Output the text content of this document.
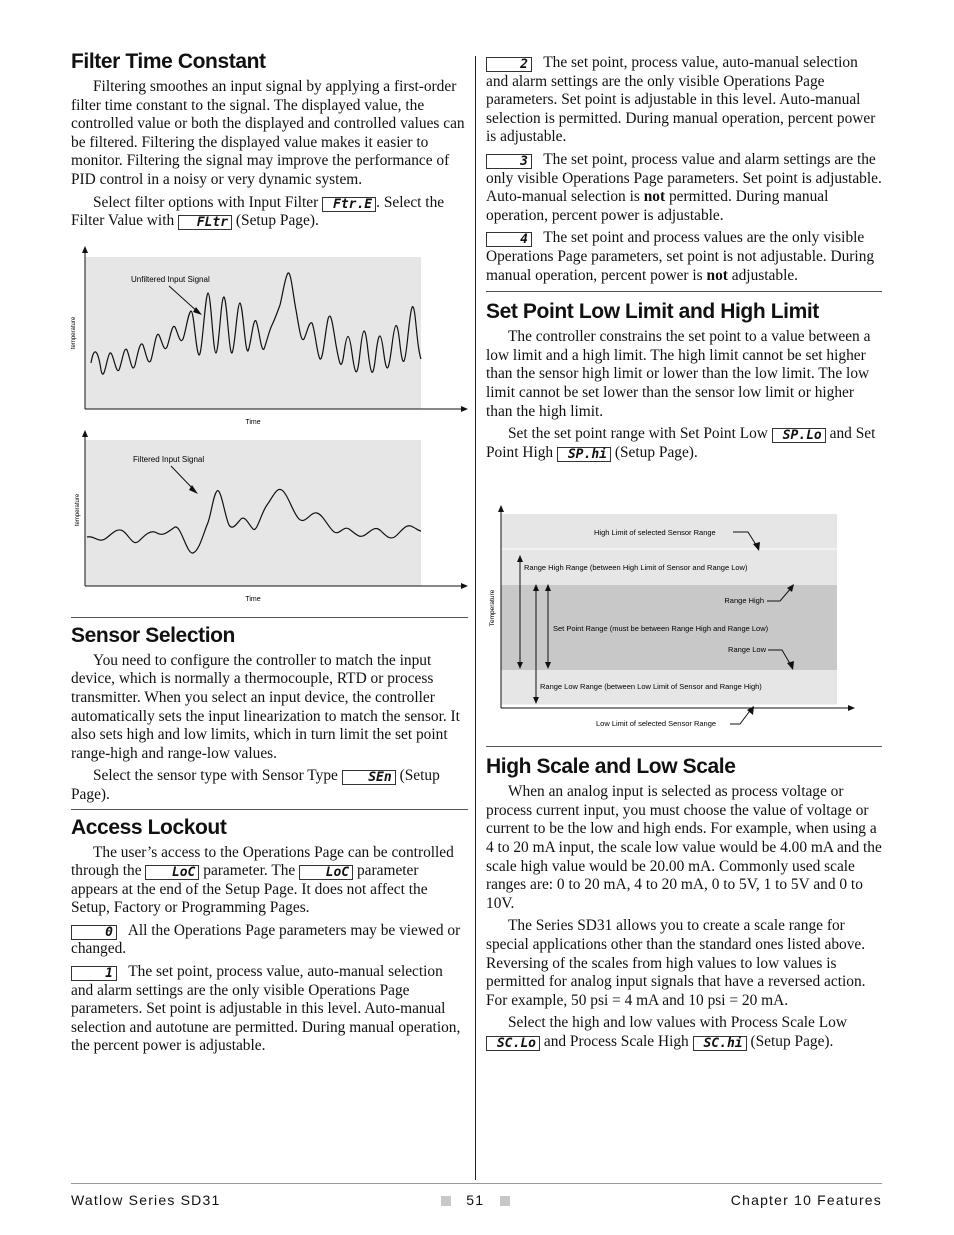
Filter Time Constant

Filtering smoothes an input signal by applying a first-order filter time constant to the signal. The displayed value, the controlled value or both the displayed and controlled values can be filtered. Filtering the displayed value makes it easier to monitor. Filtering the signal may improve the performance of PID control in a noisy or very dynamic system.

Select filter options with Input Filter Ftr.E . Select the Filter Value with FLtr (Setup Page).

Unfiltered Input Signal
temperature
Time
Filtered Input Signal
temperature
Time
Sensor Selection

You need to configure the controller to match the input device, which is normally a thermocouple, RTD or process transmitter. When you select an input device, the controller automatically sets the input linearization to match the sensor. It also sets high and low limits, which in turn limit the set point range-high and range-low values.

Select the sensor type with Sensor Type SEn (Setup Page).

Access Lockout

The user’s access to the Operations Page can be controlled through the LoC parameter. The LoC parameter appears at the end of the Setup Page. It does not affect the Setup, Factory or Programming Pages.

0 All the Operations Page parameters may be viewed or changed.

1 The set point, process value, auto-manual selection and alarm settings are the only visible Operations Page parameters. Set point is adjustable in this level. Auto-manual selection and autotune are permitted. During manual operation, the percent power is adjustable.

2 The set point, process value, auto-manual selection and alarm settings are the only visible Operations Page parameters. Set point is adjustable in this level. Auto-manual selection is permitted. During manual operation, percent power is adjustable.

3 The set point, process value and alarm settings are the only visible Operations Page parameters. Set point is adjustable. Auto-manual selection is not permitted. During manual operation, percent power is adjustable.

4 The set point and process values are the only visible Operations Page parameters, set point is not adjustable. During manual operation, percent power is not adjustable.

Set Point Low Limit and High Limit

The controller constrains the set point to a value between a low limit and a high limit. The high limit cannot be set higher than the sensor high limit or lower than the low limit. The low limit cannot be set lower than the sensor low limit or higher than the high limit.

Set the set point range with Set Point Low SP.Lo and Set Point High SP.hi (Setup Page).

High Limit of selected Sensor Range
Range High Range (between High Limit of Sensor and Range Low)
Range High
Set Point Range (must be between Range High and Range Low)
Range Low
Range Low Range (between Low Limit of Sensor and Range High)
Low Limit of selected Sensor Range
Temperature
High Scale and Low Scale

When an analog input is selected as process voltage or process current input, you must choose the value of voltage or current to be the low and high ends. For example, when using a 4 to 20 mA input, the scale low value would be 4.00 mA and the scale high value would be 20.00 mA. Commonly used scale ranges are: 0 to 20 mA, 4 to 20 mA, 0 to 5V, 1 to 5V and 0 to 10V.

The Series SD31 allows you to create a scale range for special applications other than the standard ones listed above. Reversing of the scales from high values to low values is permitted for analog input signals that have a reversed action. For example, 50 psi = 4 mA and 10 psi = 20 mA.

Select the high and low values with Process Scale Low SC.Lo and Process Scale High SC.hi (Setup Page).

Watlow Series SD31	51	Chapter 10 Features
